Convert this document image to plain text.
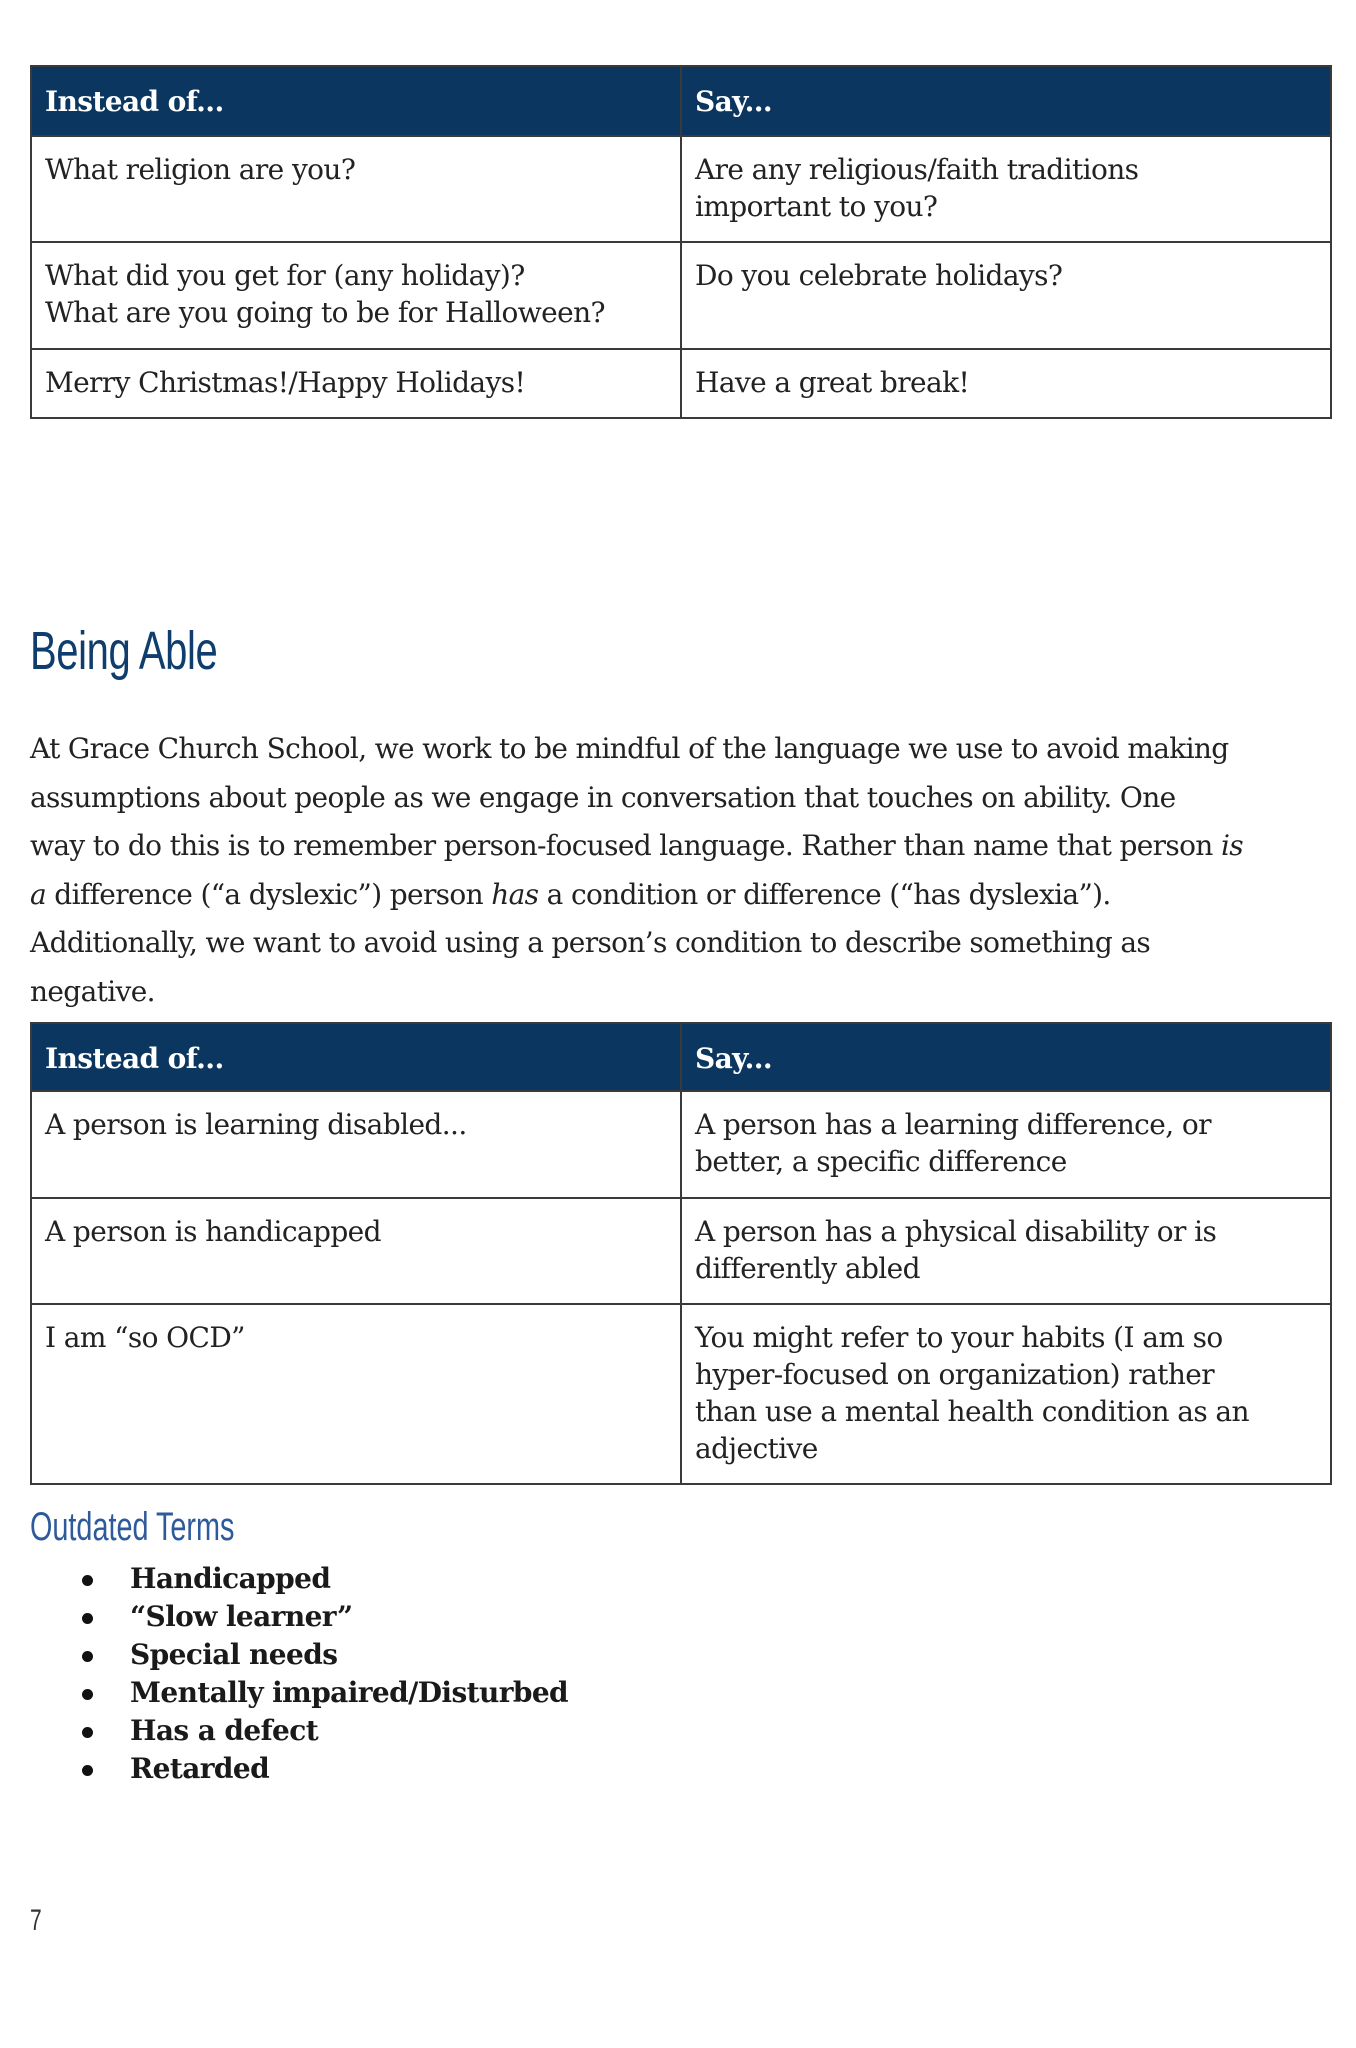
Instead of...	Say...

What religion are you?	Are any religious/faith traditions
important to you?

What did you get for (any holiday)?
What are you going to be for Halloween?	Do you celebrate holidays?

Merry Christmas!/Happy Holidays!	Have a great break!
Being Able

At Grace Church School, we work to be mindful of the language we use to avoid making
assumptions about people as we engage in conversation that touches on ability. One
way to do this is to remember person-focused language. Rather than name that person is
a difference (“a dyslexic”) person has a condition or difference (“has dyslexia”).
Additionally, we want to avoid using a person’s condition to describe something as
negative.

Instead of...	Say...

A person is learning disabled...	A person has a learning difference, or
better, a specific difference

A person is handicapped	A person has a physical disability or is
differently abled

I am “so OCD”	You might refer to your habits (I am so
hyper-focused on organization) rather
than use a mental health condition as an
adjective
Outdated Terms
Handicapped
“Slow learner”
Special needs
Mentally impaired/Disturbed
Has a defect
Retarded
7
